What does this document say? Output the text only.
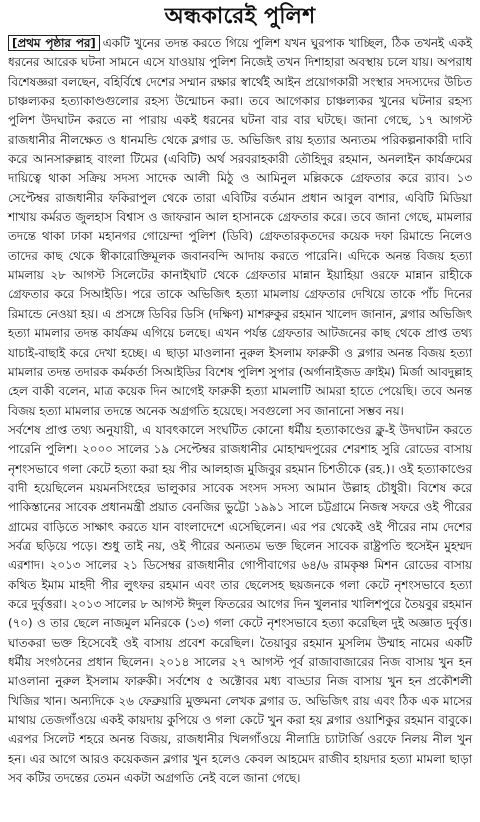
অন্ধকারেই পুলিশ

[প্রথম পৃষ্ঠার পর] একটি খুনের তদন্ত করতে গিয়ে পুলিশ যখন ঘুরপাক খাচ্ছিল, ঠিক তখনই একই ধরনের আরেক ঘটনা সামনে এসে যাওয়ায় পুলিশ নিজেই তখন দিশাহারা অবস্থায় চলে যায়। অপরাধ বিশেষজ্ঞরা বলছেন, বহির্বিশ্বে দেশের সম্মান রক্ষার স্বার্থেই আইন প্রয়োগকারী সংস্থার সদস্যদের উচিত চাঞ্চল্যকর হত্যাকাণ্ডগুলোর রহস্য উন্মোচন করা। তবে আগেকার চাঞ্চল্যকর খুনের ঘটনার রহস্য পুলিশ উদঘাটন করতে না পারায় একই ধরনের ঘটনা বার বার ঘটছে। জানা গেছে, ১৭ আগস্ট রাজধানীর নীলক্ষেত ও ধানমন্ডি থেকে ব্লগার ড. অভিজিৎ রায় হত্যার অন্যতম পরিকল্পনাকারী দাবি করে আনসারুল্লাহ বাংলা টিমের (এবিটি) অর্থ সরবরাহকারী তৌহিদুর রহমান, অনলাইন কার্যক্রমের দায়িত্বে থাকা সক্রিয় সদস্য সাদেক আলী মিঠু ও আমিনুল মল্লিককে গ্রেফতার করে র‍্যাব। ১৩ সেপ্টেম্বর রাজধানীর ফকিরাপুল থেকে তারা এবিটির বর্তমান প্রধান আবুল বাশার, এবিটি মিডিয়া শাখায় কর্মরত জুলহাস বিশ্বাস ও জাফরান আল হাসানকে গ্রেফতার করে। তবে জানা গেছে, মামলার তদন্তে থাকা ঢাকা মহানগর গোয়েন্দা পুলিশ (ডিবি) গ্রেফতারকৃতদের কয়েক দফা রিমান্ডে নিলেও তাদের কাছ থেকে স্বীকারোক্তিমূলক জবানবন্দি আদায় করতে পারেনি। এদিকে অনন্ত বিজয় হত্যা মামলায় ২৮ আগস্ট সিলেটের কানাইঘাট থেকে গ্রেফতার মান্নান ইয়াহিয়া ওরফে মান্নান রাহীকে গ্রেফতার করে সিআইডি। পরে তাকে অভিজিৎ হত্যা মামলায় গ্রেফতার দেখিয়ে তাকে পাঁচ দিনের রিমান্ডে নেওয়া হয়। এ প্রসঙ্গে ডিবির ডিসি (দক্ষিণ) মাশরুকুর রহমান খালেদ জানান, ব্লগার অভিজিৎ হত্যা মামলার তদন্ত কার্যক্রম এগিয়ে চলছে। এখন পর্যন্ত গ্রেফতার আটজনের কাছ থেকে প্রাপ্ত তথ্য যাচাই-বাছাই করে দেখা হচ্ছে। এ ছাড়া মাওলানা নুরুল ইসলাম ফারুকী ও ব্লগার অনন্ত বিজয় হত্যা মামলার তদন্ত তদারক কর্মকর্তা সিআইডির বিশেষ পুলিশ সুপার (অর্গানাইজড ক্রাইম) মির্জা আবদুল্লাহ হেল বাকী বলেন, মাত্র কয়েক দিন আগেই ফারুকী হত্যা মামলাটি আমরা হাতে পেয়েছি। তবে অনন্ত বিজয় হত্যা মামলার তদন্তে অনেক অগ্রগতি হয়েছে। সবগুলো সব জানানো সম্ভব নয়।

সর্বশেষ প্রাপ্ত তথ্য অনুযায়ী, এ যাবৎকালে সংঘটিত কোনো ধর্মীয় হত্যাকাণ্ডের ক্লু-ই উদঘাটন করতে পারেনি পুলিশ। ২০০০ সালের ১৯ সেপ্টেম্বর রাজধানীর মোহাম্মদপুরের শেরশাহ সুরি রোডের বাসায় নৃশংসভাবে গলা কেটে হত্যা করা হয় পীর আলহাজ মুজিবুর রহমান চিশতীকে (রহ.)। ওই হত্যাকাণ্ডের বাদী হয়েছিলেন ময়মনসিংহের ভালুকার সাবেক সংসদ সদস্য আমান উল্লাহ চৌধুরী। বিশেষ করে পাকিস্তানের সাবেক প্রধানমন্ত্রী প্রয়াত বেনজির ভুট্টো ১৯৯১ সালে চট্টগ্রামে নিজস্ব সফরে ওই পীরের গ্রামের বাড়িতে সাক্ষাৎ করতে যান বাংলাদেশে এসেছিলেন। এর পর থেকেই ওই পীরের নাম দেশের সর্বত্র ছড়িয়ে পড়ে। শুধু তাই নয়, ওই পীরের অন্যতম ভক্ত ছিলেন সাবেক রাষ্ট্রপতি হুসেইন মুহম্মদ এরশাদ। ২০১৩ সালের ২১ ডিসেম্বর রাজধানীর গোপীবাগের ৬৪/৬ রামকৃষ্ণ মিশন রোডের বাসায় কথিত ইমাম মাহদী পীর লুৎফর রহমান এবং তার ছেলেসহ ছয়জনকে গলা কেটে নৃশংসভাবে হত্যা করে দুর্বৃত্তরা। ২০১৩ সালের ৮ আগস্ট ঈদুল ফিতরের আগের দিন খুলনার খালিশপুরে তৈয়বুর রহমান (৭০) ও তার ছেলে নাজমুল মনিরকে (১৩) গলা কেটে নৃশংসভাবে হত্যা করেছিল দুই অজ্ঞাত দুর্বৃত্ত। ঘাতকরা ভক্ত হিসেবেই ওই বাসায় প্রবেশ করেছিল। তৈয়াবুর রহমান মুসলিম উম্মাহ নামের একটি ধর্মীয় সংগঠনের প্রধান ছিলেন। ২০১৪ সালের ২৭ আগস্ট পূর্ব রাজাবাজারের নিজ বাসায় খুন হন মাওলানা নুরুল ইসলাম ফারুকী। সর্বশেষ ৫ অক্টোবর মধ্য বাড্ডার নিজ বাসায় খুন হন প্রকৌশলী খিজির খান। অন্যদিকে ২৬ ফেব্রুয়ারি মুক্তমনা লেখক ব্লগার ড. অভিজিৎ রায় এবং ঠিক এক মাসের মাথায় তেজগাঁওয়ে একই কায়দায় কুপিয়ে ও গলা কেটে খুন করা হয় ব্লগার ওয়াশিকুর রহমান বাবুকে। এরপর সিলেট শহরে অনন্ত বিজয়, রাজধানীর খিলগাঁওয়ে নীলাদ্রি চ্যাটার্জি ওরফে নিলয় নীল খুন হন। এর আগে আরও কয়েকজন ব্লগার খুন হলেও কেবল আহমেদ রাজীব হায়দার হত্যা মামলা ছাড়া সব কটির তদন্তের তেমন একটা অগ্রগতি নেই বলে জানা গেছে।
